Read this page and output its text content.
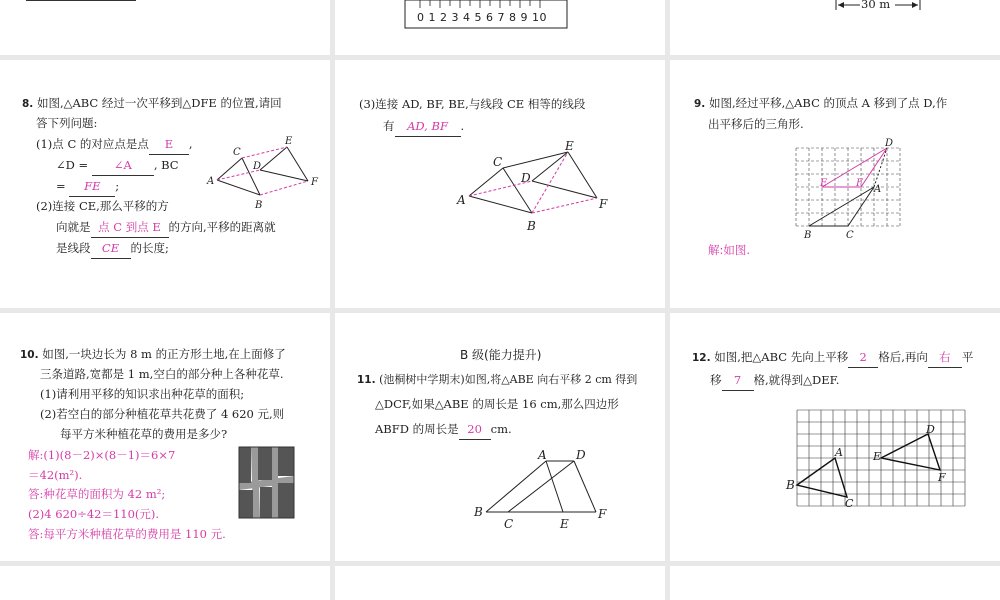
0 1 2 3 4 5 6 7 8 9 10
30 m
8. 如图,△ABC 经过一次平移到△DFE 的位置,请回
答下列问题:
(1)点 C 的对应点是点 E ,
∠D = ∠A , BC
= FE ;
(2)连接 CE,那么平移的方
向就是 点 C 到点 E 的方向,平移的距离就
是线段 CE 的长度;
A
C
B
D
E
F
(3)连接 AD, BF, BE,与线段 CE 相等的线段
有 AD, BF .
A
C
B
D
E
F
9. 如图,经过平移,△ABC 的顶点 A 移到了点 D,作
出平移后的三角形.
B	C
A
D
E	F
解:如图.
10. 如图,一块边长为 8 m 的正方形土地,在上面修了
三条道路,宽都是 1 m,空白的部分种上各种花草.
(1)请利用平移的知识求出种花草的面积;
(2)若空白的部分种植花草共花费了 4 620 元,则
每平方米种植花草的费用是多少?
解:(1)(8－2)×(8－1)＝6×7
＝42(m²).
答:种花草的面积为 42 m²;
(2)4 620÷42＝110(元).
答:每平方米种植花草的费用是 110 元.
B 级(能力提升)
11. (池桐树中学期末)如图,将△ABE 向右平移 2 cm 得到
△DCF,如果△ABE 的周长是 16 cm,那么四边形
ABFD 的周长是 20 cm.
A D
B
C	E
F
12. 如图,把△ABC 先向上平移 2 格后,再向 右 平
移 7 格,就得到△DEF.
B
A
C
E
D
F
